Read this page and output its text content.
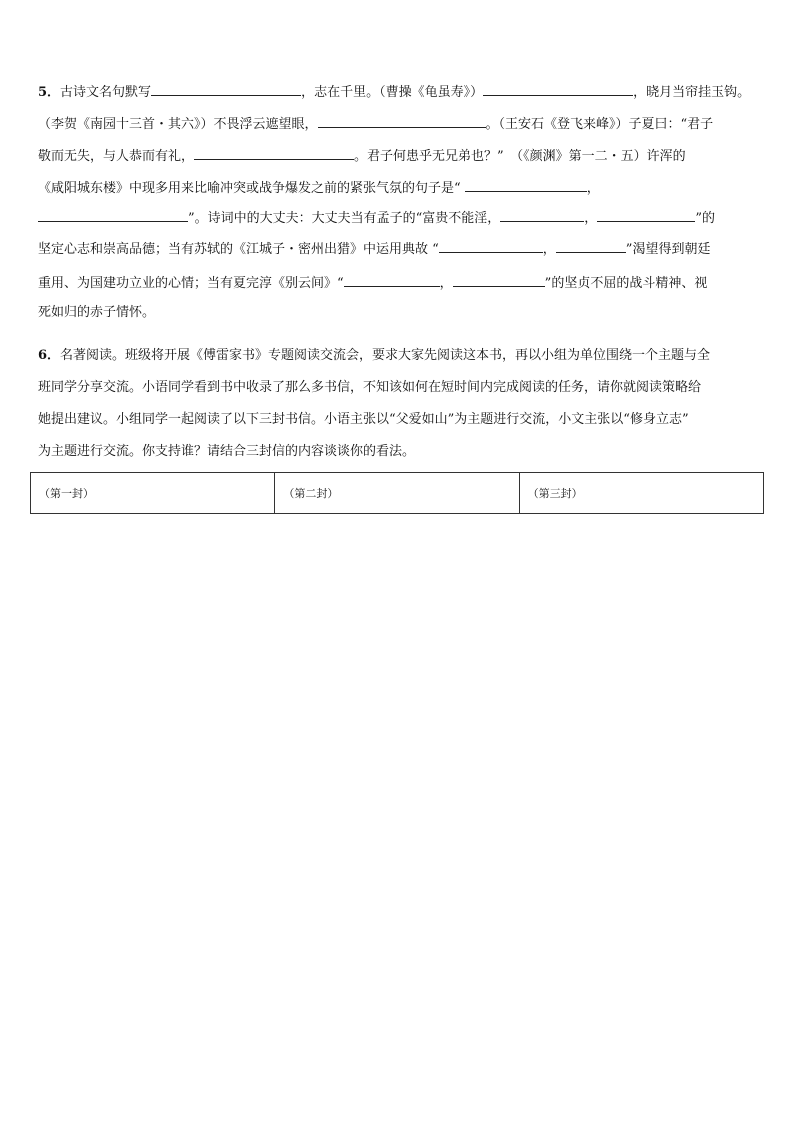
5．古诗文名句默写	，志在千里。（曹操《龟虽寿》）	，晓月当帘挂玉钩。
（李贺《南园十三首・其六》）不畏浮云遮望眼，	。（王安石《登飞来峰》）子夏曰：“君子
敬而无失，与人恭而有礼，	。君子何患乎无兄弟也？”　（《颜渊》第一二・五）许浑的
《咸阳城东楼》中现多用来比喻冲突或战争爆发之前的紧张气氛的句子是“	，
”。诗词中的大丈夫：大丈夫当有孟子的“富贵不能淫，	，	”的
坚定心志和崇高品德；当有苏轼的《江城子・密州出猎》中运用典故 “	，	”渴望得到朝廷
重用、为国建功立业的心情；当有夏完淳《别云间》“	，	”的坚贞不屈的战斗精神、视
死如归的赤子情怀。
6．名著阅读。班级将开展《傅雷家书》专题阅读交流会，要求大家先阅读这本书，再以小组为单位围绕一个主题与全
班同学分享交流。小语同学看到书中收录了那么多书信，不知该如何在短时间内完成阅读的任务，请你就阅读策略给
她提出建议。小组同学一起阅读了以下三封书信。小语主张以“父爱如山”为主题进行交流，小文主张以“修身立志”
为主题进行交流。你支持谁？请结合三封信的内容谈谈你的看法。
（第一封）	（第二封）	（第三封）
